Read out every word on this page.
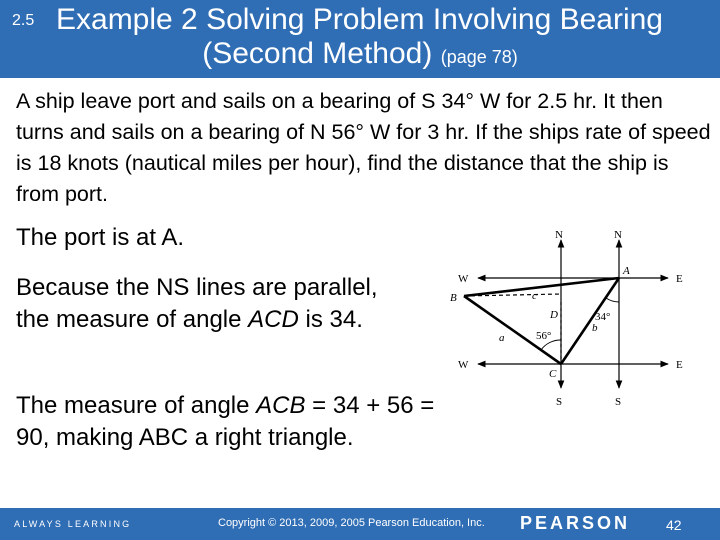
2.5 Example 2 Solving Problem Involving Bearing
(Second Method) (page 78)
A ship leave port and sails on a bearing of S 34° W for 2.5 hr. It then turns and sails on a bearing of N 56° W for 3 hr. If the ships rate of speed is 18 knots (nautical miles per hour), find the distance that the ship is from port.
The port is at A.
Because the NS lines are parallel, the measure of angle ACD is 34.
The measure of angle ACB = 34 + 56 = 90, making ABC a right triangle.
N	N
S	S
W
W
E
E
A
B
C
D
a
b
c
56°
34°
ALWAYS LEARNING	Copyright © 2013, 2009, 2005 Pearson Education, Inc. PEARSON	42
